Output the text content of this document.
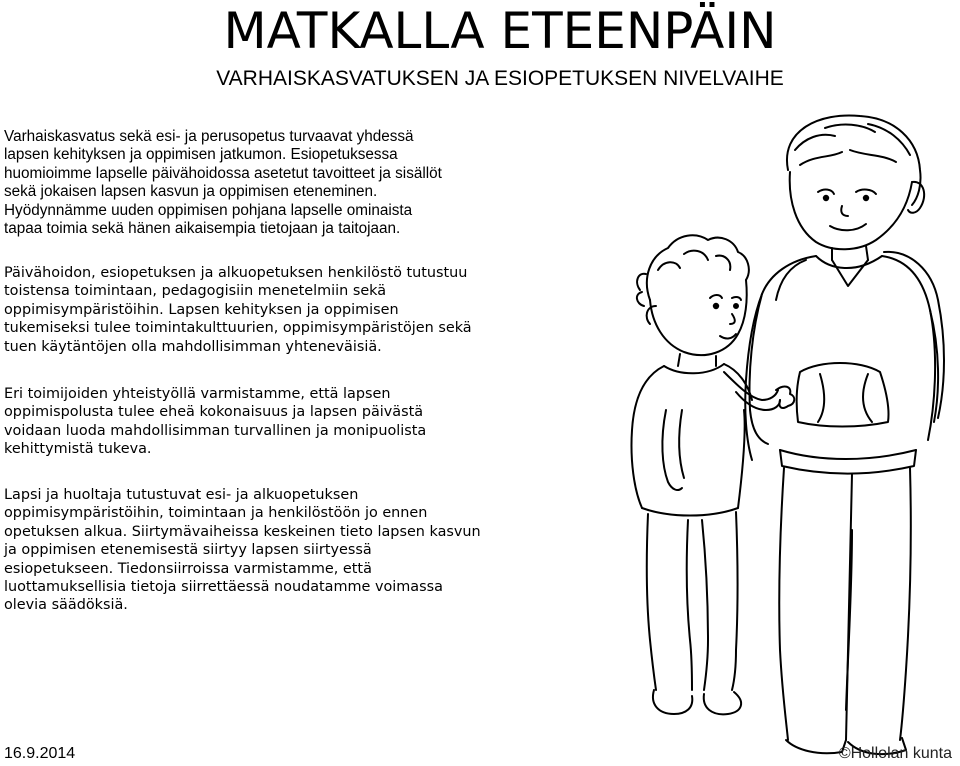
MATKALLA ETEENPÄIN
VARHAISKASVATUKSEN JA ESIOPETUKSEN NIVELVAIHE
Varhaiskasvatus sekä esi- ja perusopetus turvaavat yhdessä
lapsen kehityksen ja oppimisen jatkumon. Esiopetuksessa
huomioimme lapselle päivähoidossa asetetut tavoitteet ja sisällöt
sekä jokaisen lapsen kasvun ja oppimisen eteneminen.
Hyödynnämme uuden oppimisen pohjana lapselle ominaista
tapaa toimia sekä hänen aikaisempia tietojaan ja taitojaan.
Päivähoidon, esiopetuksen ja alkuopetuksen henkilöstö tutustuu
toistensa toimintaan, pedagogisiin menetelmiin sekä
oppimisympäristöihin. Lapsen kehityksen ja oppimisen
tukemiseksi tulee toimintakulttuurien, oppimisympäristöjen sekä
tuen käytäntöjen olla mahdollisimman yhteneväisiä.
Eri toimijoiden yhteistyöllä varmistamme, että lapsen
oppimispolusta tulee eheä kokonaisuus ja lapsen päivästä
voidaan luoda mahdollisimman turvallinen ja monipuolista
kehittymistä tukeva.
Lapsi ja huoltaja tutustuvat esi- ja alkuopetuksen
oppimisympäristöihin, toimintaan ja henkilöstöön jo ennen
opetuksen alkua. Siirtymävaiheissa keskeinen tieto lapsen kasvun
ja oppimisen etenemisestä siirtyy lapsen siirtyessä
esiopetukseen. Tiedonsiirroissa varmistamme, että
luottamuksellisia tietoja siirrettäessä noudatamme voimassa
olevia säädöksiä.
16.9.2014	©Hollolan kunta
